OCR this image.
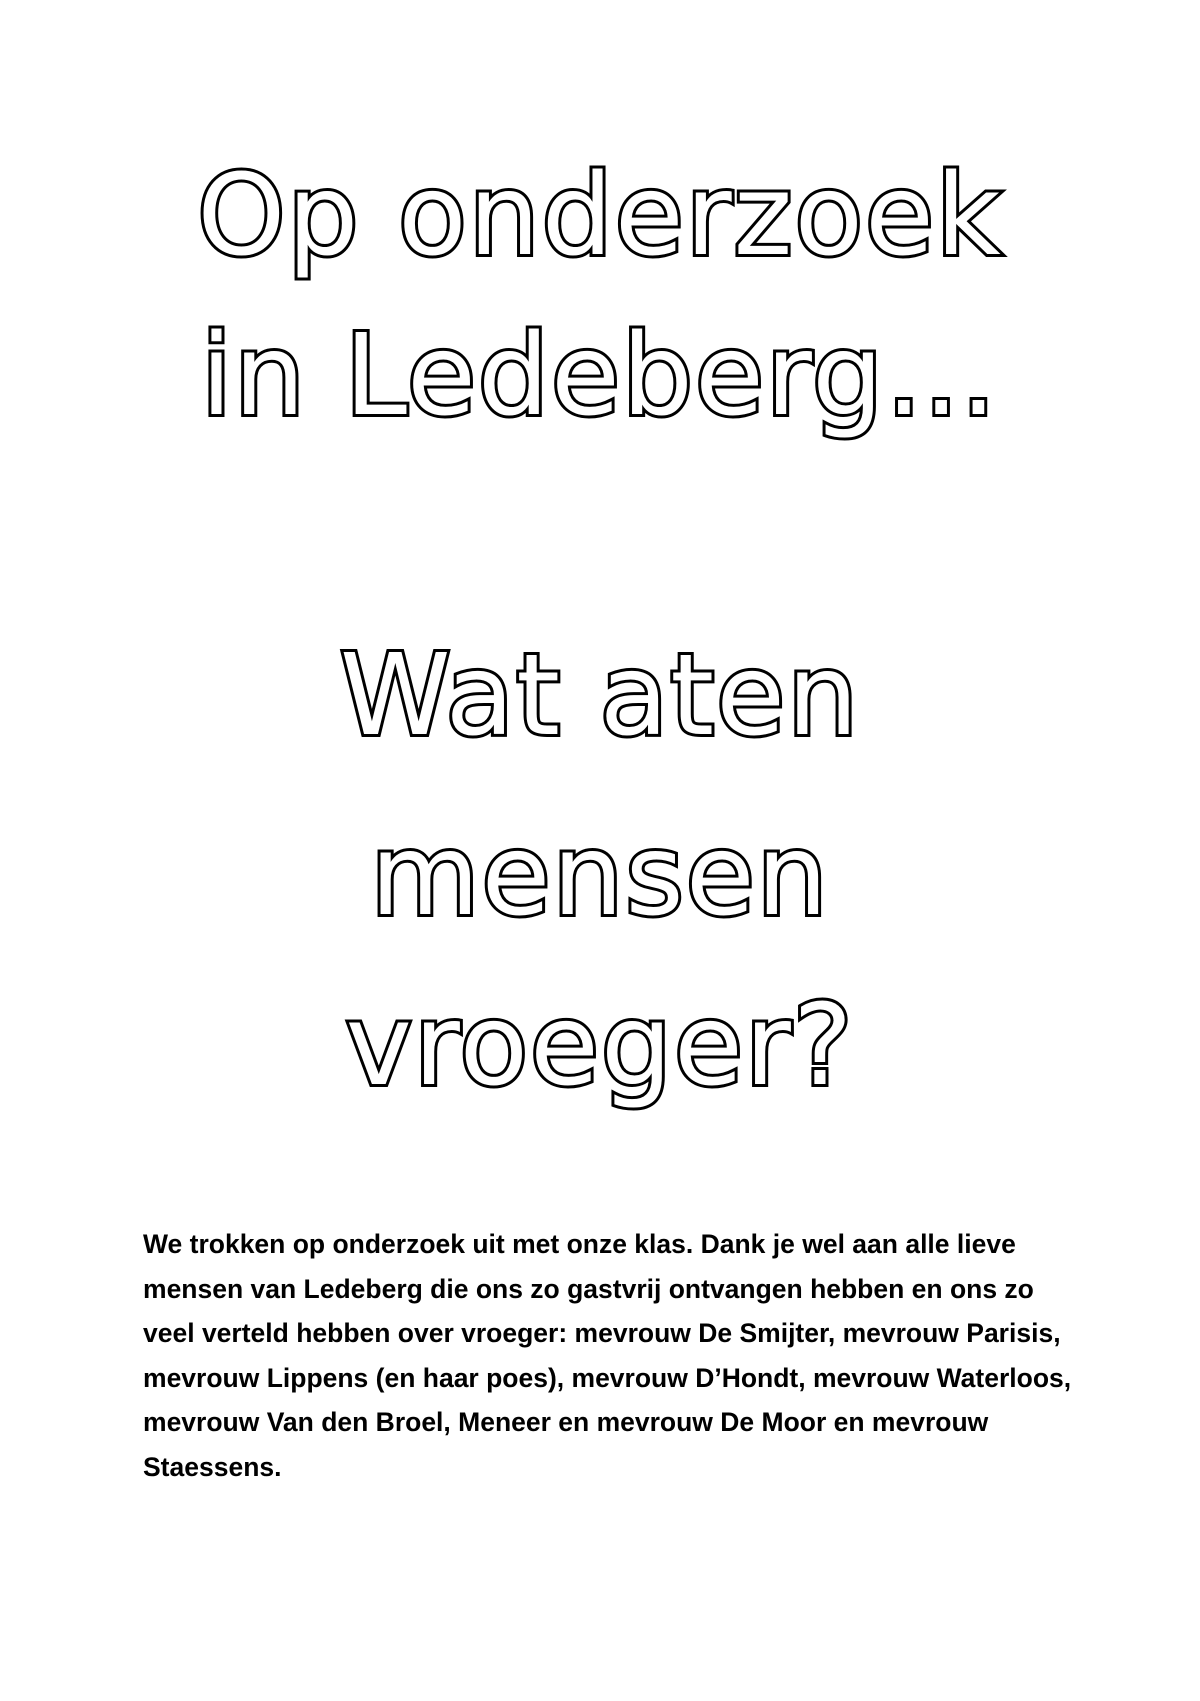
Op onderzoek
in Ledeberg…
Wat aten
mensen
vroeger?

We trokken op onderzoek uit met onze klas. Dank je wel aan alle lieve mensen van Ledeberg die ons zo gastvrij ontvangen hebben en ons zo veel verteld hebben over vroeger: mevrouw De Smijter, mevrouw Parisis, mevrouw Lippens (en haar poes), mevrouw D’Hondt, mevrouw Waterloos, mevrouw Van den Broel, Meneer en mevrouw De Moor en mevrouw Staessens.
